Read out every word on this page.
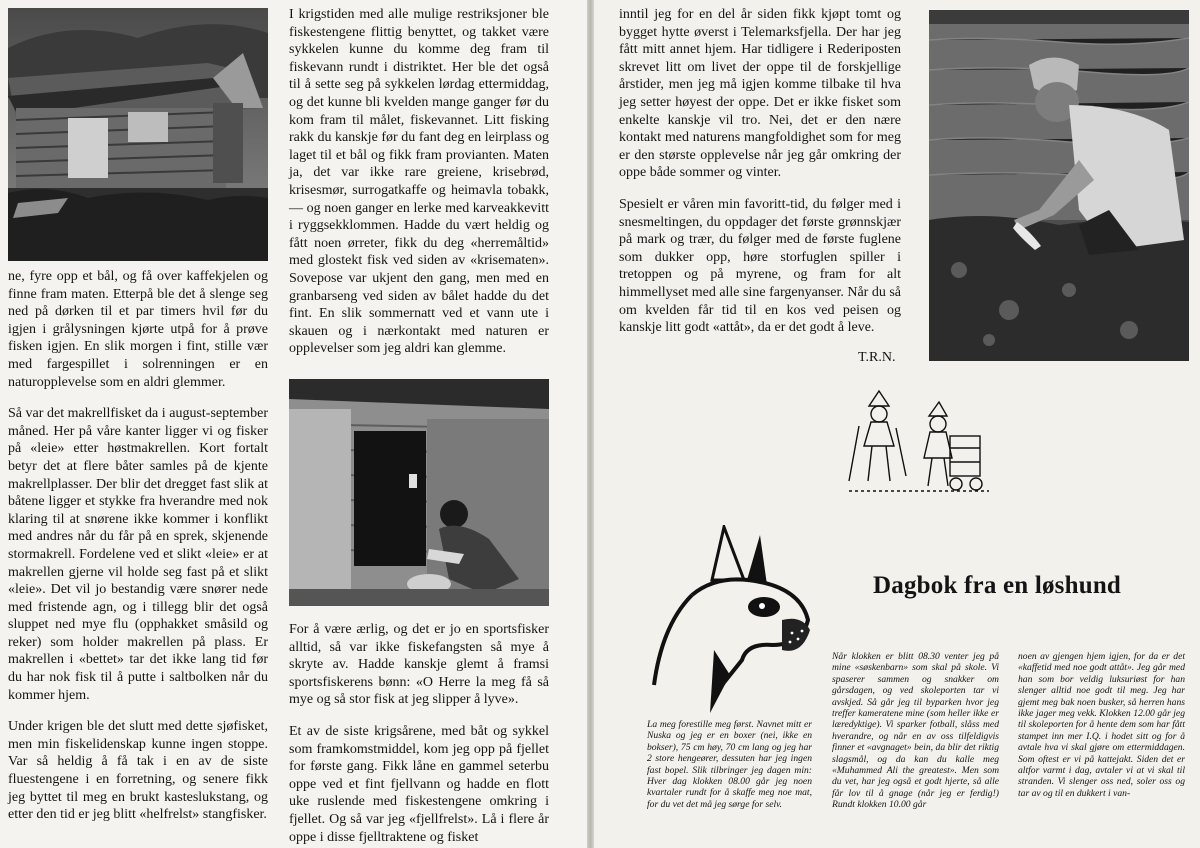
ne, fyre opp et bål, og få over kaffekjelen og finne fram maten. Etterpå ble det å slenge seg ned på dørken til et par timers hvil før du igjen i grålysningen kjørte utpå for å prøve fisken igjen. En slik morgen i fint, stille vær med fargespillet i solrenningen er en naturopplevelse som en aldri glemmer.

Så var det makrellfisket da i august-september måned. Her på våre kanter ligger vi og fisker på «leie» etter høstmakrellen. Kort fortalt betyr det at flere båter samles på de kjente makrellplasser. Der blir det dregget fast slik at båtene ligger et stykke fra hverandre med nok klaring til at snørene ikke kommer i konflikt med andres når du får på en sprek, skjenende stormakrell. Fordelene ved et slikt «leie» er at makrellen gjerne vil holde seg fast på et slikt «leie». Det vil jo bestandig være snører nede med fristende agn, og i tillegg blir det også sluppet ned mye flu (opphakket småsild og reker) som holder makrellen på plass. Er makrellen i «bettet» tar det ikke lang tid før du har nok fisk til å putte i saltbolken når du kommer hjem.

Under krigen ble det slutt med dette sjøfisket, men min fiskelidenskap kunne ingen stoppe. Var så heldig å få tak i en av de siste fluestengene i en forretning, og senere fikk jeg byttet til meg en brukt kasteslukstang, og etter den tid er jeg blitt «helfrelst» stangfisker.

I krigstiden med alle mulige restriksjoner ble fiskestengene flittig benyttet, og takket være sykkelen kunne du komme deg fram til fiskevann rundt i distriktet. Her ble det også til å sette seg på sykkelen lørdag ettermiddag, og det kunne bli kvelden mange ganger før du kom fram til målet, fiskevannet. Litt fisking rakk du kanskje før du fant deg en leirplass og laget til et bål og fikk fram provianten. Maten ja, det var ikke rare greiene, krisebrød, krisesmør, surrogatkaffe og heimavla tobakk, — og noen ganger en lerke med karveakkevitt i ryggsekklommen. Hadde du vært heldig og fått noen ørreter, fikk du deg «herremåltid» med glostekt fisk ved siden av «krisematen». Sovepose var ukjent den gang, men med en granbarseng ved siden av bålet hadde du det fint. En slik sommernatt ved et vann ute i skauen og i nærkontakt med naturen er opplevelser som jeg aldri kan glemme.

For å være ærlig, og det er jo en sportsfisker alltid, så var ikke fiskefangsten så mye å skryte av. Hadde kanskje glemt å framsi sportsfiskerens bønn: «O Herre la meg få så mye og så stor fisk at jeg slipper å lyve».

Et av de siste krigsårene, med båt og sykkel som framkomstmiddel, kom jeg opp på fjellet for første gang. Fikk låne en gammel seterbu oppe ved et fint fjellvann og hadde en flott uke ruslende med fiskestengene omkring i fjellet. Og så var jeg «fjellfrelst». Lå i flere år oppe i disse fjelltraktene og fisket

inntil jeg for en del år siden fikk kjøpt tomt og bygget hytte øverst i Telemarksfjella. Der har jeg fått mitt annet hjem. Har tidligere i Rederiposten skrevet litt om livet der oppe til de forskjellige årstider, men jeg må igjen komme tilbake til hva jeg setter høyest der oppe. Det er ikke fisket som enkelte kanskje vil tro. Nei, det er den nære kontakt med naturens mangfoldighet som for meg er den største opplevelse når jeg går omkring der oppe både sommer og vinter.

Spesielt er våren min favoritt-tid, du følger med i snesmeltingen, du oppdager det første grønnskjær på mark og trær, du følger med de første fuglene som dukker opp, høre storfuglen spiller i tretoppen og på myrene, og fram for alt himmellyset med alle sine fargenyanser. Når du så om kvelden får tid til en kos ved peisen og kanskje litt godt «attåt», da er det godt å leve.

T.R.N.
Dagbok fra en løshund

La meg forestille meg først. Navnet mitt er Nuska og jeg er en boxer (nei, ikke en bokser), 75 cm høy, 70 cm lang og jeg har 2 store hengeører, dessuten har jeg ingen fast bopel. Slik tilbringer jeg dagen min: Hver dag klokken 08.00 går jeg noen kvartaler rundt for å skaffe meg noe mat, for du vet det må jeg sørge for selv.

Når klokken er blitt 08.30 venter jeg på mine «søskenbarn» som skal på skole. Vi spaserer sammen og snakker om gårsdagen, og ved skoleporten tar vi avskjed. Så går jeg til byparken hvor jeg treffer kameratene mine (som heller ikke er læredyktige). Vi sparker fotball, slåss med hverandre, og når en av oss tilfeldigvis finner et «avgnaget» bein, da blir det riktig slagsmål, og da kan du kalle meg «Muhammed Ali the greatest». Men som du vet, har jeg også et godt hjerte, så alle får lov til å gnage (når jeg er ferdig!) Rundt klokken 10.00 går

noen av gjengen hjem igjen, for da er det «kaffetid med noe godt attåt». Jeg går med han som bor veldig luksuriøst for han slenger alltid noe godt til meg. Jeg har gjemt meg bak noen busker, så herren hans ikke jager meg vekk. Klokken 12.00 går jeg til skoleporten for å hente dem som har fått stampet inn mer I.Q. i hodet sitt og for å avtale hva vi skal gjøre om ettermiddagen. Som oftest er vi på kattejakt. Siden det er altfor varmt i dag, avtaler vi at vi skal til stranden. Vi slenger oss ned, soler oss og tar av og til en dukkert i van-
